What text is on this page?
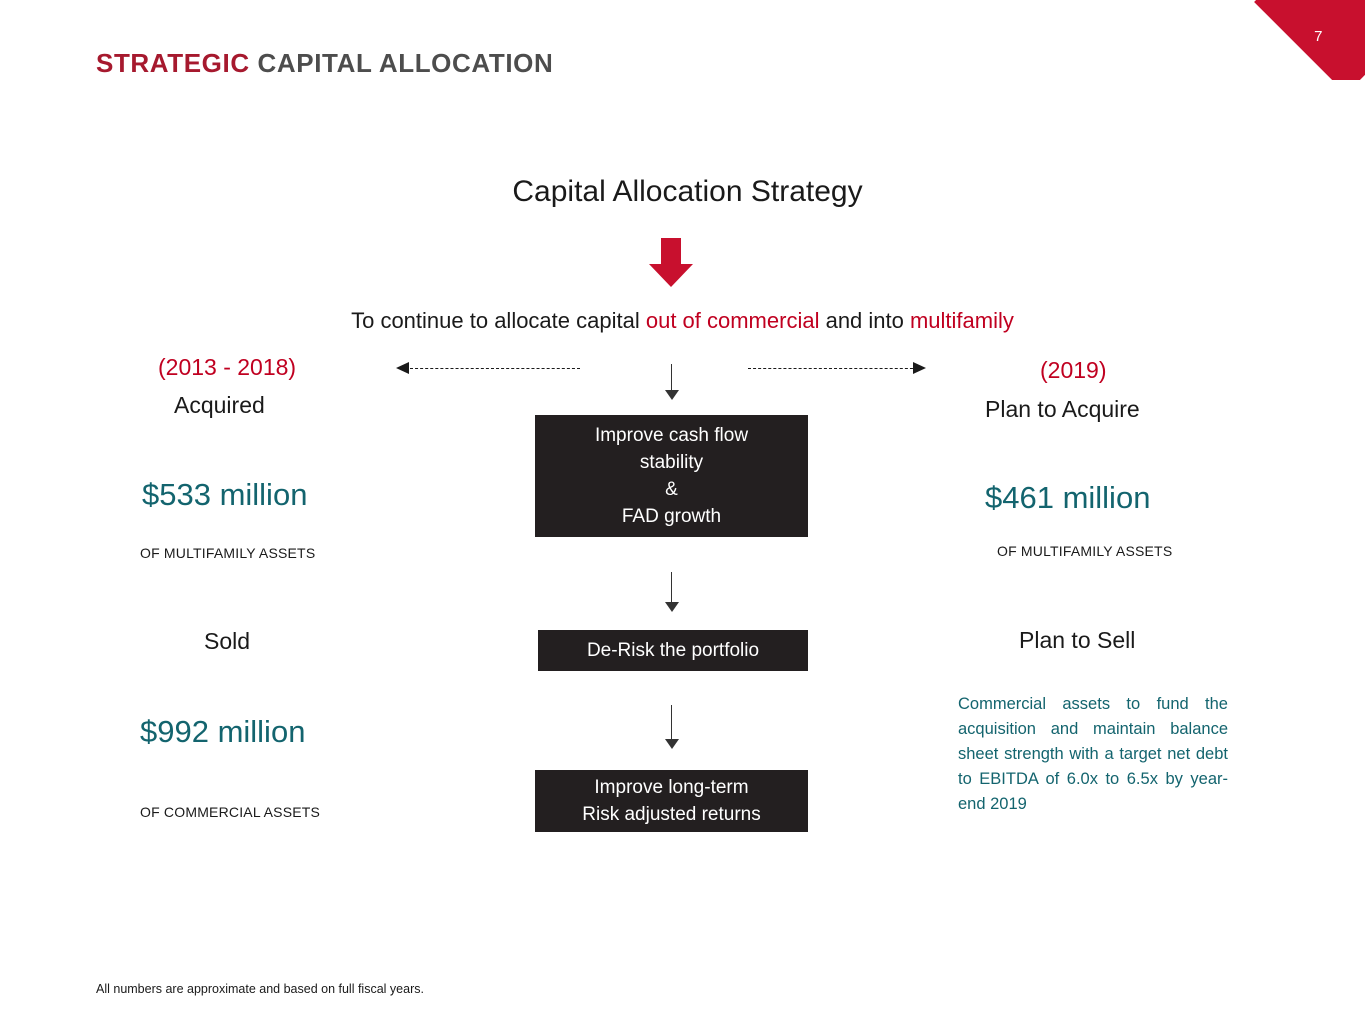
7
STRATEGIC CAPITAL ALLOCATION
Capital Allocation Strategy
To continue to allocate capital out of commercial and into multifamily
(2013 - 2018)	(2019)
Acquired
$533 million
OF MULTIFAMILY ASSETS
Sold
$992 million
OF COMMERCIAL ASSETS
Plan to Acquire
$461 million
OF MULTIFAMILY ASSETS
Plan to Sell
Commercial assets to fund the acquisition and maintain balance sheet strength with a target net debt to EBITDA of 6.0x to 6.5x by year-end 2019
Improve cash flow
stability
&
FAD growth
De-Risk the portfolio
Improve long-term
Risk adjusted returns
All numbers are approximate and based on full fiscal years.
